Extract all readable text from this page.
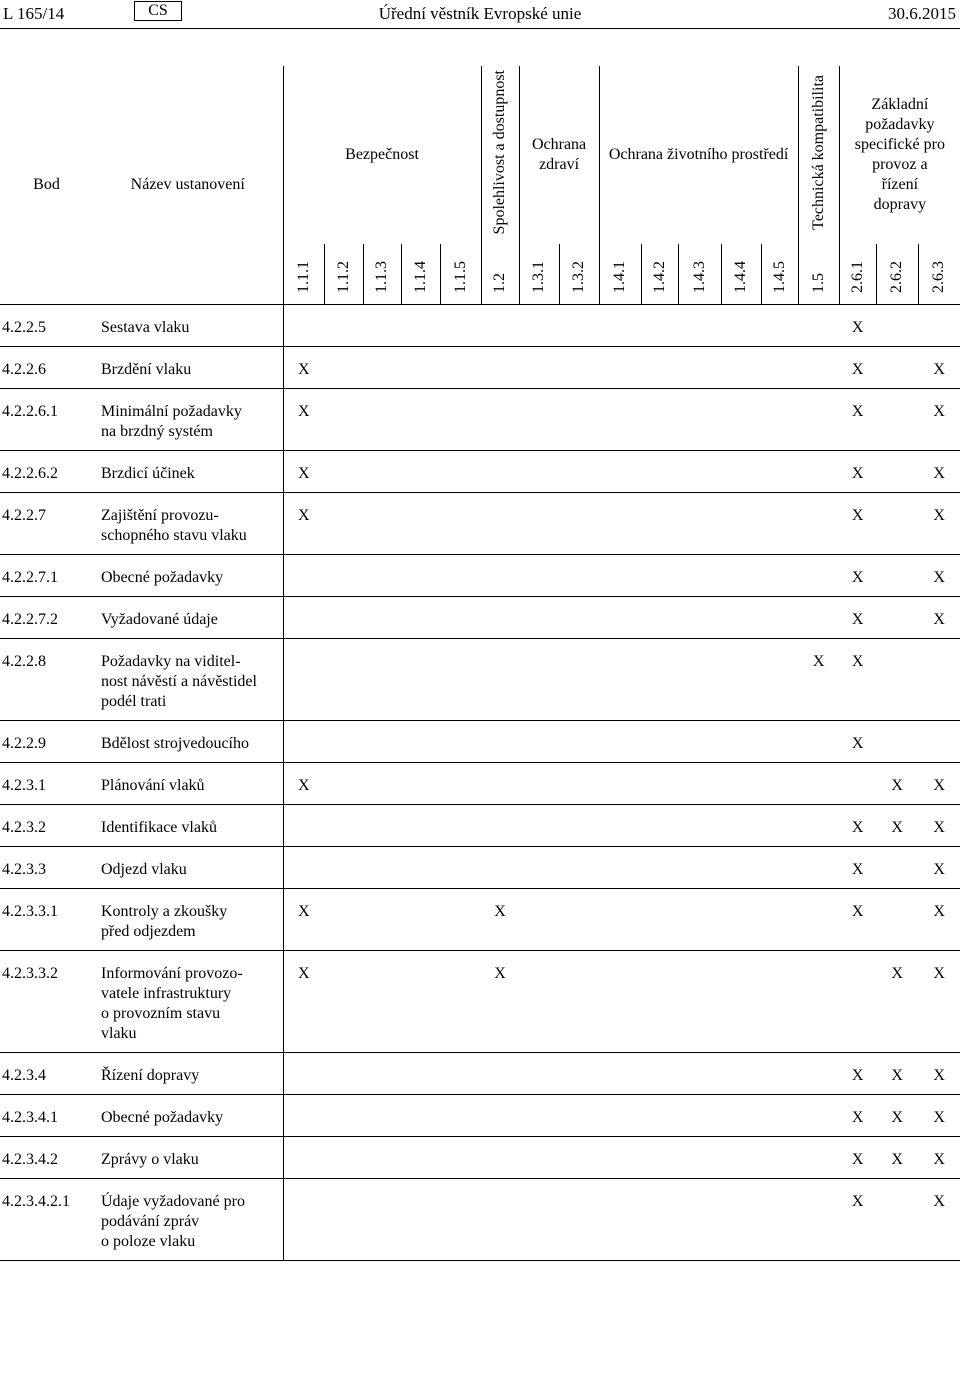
L 165/14	CS	Úřední věstník Evropské unie	30.6.2015
Bod	Název ustanovení	Bezpečnost					Spolehlivost a dostupnost	Ochrana zdraví		Ochrana životního prostředí					Technická kompatibilita	Základní požadavky specifické pro provoz a řízení dopravy		
		1.1.1	1.1.2	1.1.3	1.1.4	1.1.5	1.2	1.3.1	1.3.2	1.4.1	1.4.2	1.4.3	1.4.4	1.4.5	1.5	2.6.1	2.6.2	2.6.3
4.2.2.5	Sestava vlaku															X		
4.2.2.6	Brzdění vlaku	X														X		X
4.2.2.6.1	Minimální požadavky
na brzdný systém	X														X		X
4.2.2.6.2	Brzdicí účinek	X														X		X
4.2.2.7	Zajištění provozu-
schopného stavu vlaku	X														X		X
4.2.2.7.1	Obecné požadavky															X		X
4.2.2.7.2	Vyžadované údaje															X		X
4.2.2.8	Požadavky na viditel-
nost návěstí a návěstidel
podél trati														X	X		
4.2.2.9	Bdělost strojvedoucího															X		
4.2.3.1	Plánování vlaků	X															X	X
4.2.3.2	Identifikace vlaků															X	X	X
4.2.3.3	Odjezd vlaku															X		X
4.2.3.3.1	Kontroly a zkoušky
před odjezdem	X					X									X		X
4.2.3.3.2	Informování provozo-
vatele infrastruktury
o provozním stavu
vlaku	X					X										X	X
4.2.3.4	Řízení dopravy															X	X	X
4.2.3.4.1	Obecné požadavky															X	X	X
4.2.3.4.2	Zprávy o vlaku															X	X	X
4.2.3.4.2.1	Údaje vyžadované pro
podávání zpráv
o poloze vlaku															X		X
